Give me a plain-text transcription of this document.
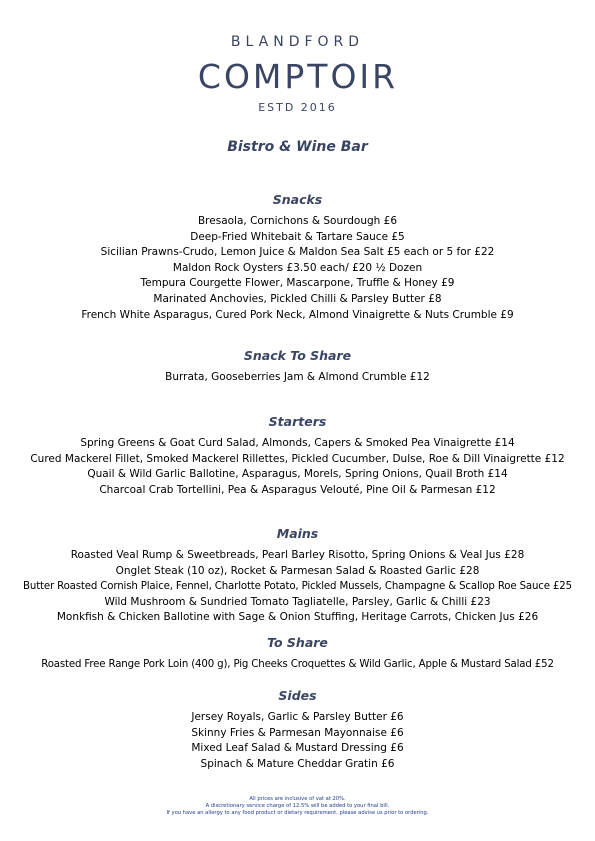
BLANDFORD
COMPTOIR
ESTD 2016
Bistro & Wine Bar
Snacks
Bresaola, Cornichons & Sourdough £6
Deep-Fried Whitebait & Tartare Sauce £5
Sicilian Prawns-Crudo, Lemon Juice & Maldon Sea Salt £5 each or 5 for £22
Maldon Rock Oysters £3.50 each/ £20 ½ Dozen
Tempura Courgette Flower, Mascarpone, Truffle & Honey £9
Marinated Anchovies, Pickled Chilli & Parsley Butter £8
French White Asparagus, Cured Pork Neck, Almond Vinaigrette & Nuts Crumble £9
Snack To Share
Burrata, Gooseberries Jam & Almond Crumble £12
Starters
Spring Greens & Goat Curd Salad, Almonds, Capers & Smoked Pea Vinaigrette £14
Cured Mackerel Fillet, Smoked Mackerel Rillettes, Pickled Cucumber, Dulse, Roe & Dill Vinaigrette £12
Quail & Wild Garlic Ballotine, Asparagus, Morels, Spring Onions, Quail Broth £14
Charcoal Crab Tortellini, Pea & Asparagus Velouté, Pine Oil & Parmesan £12
Mains
Roasted Veal Rump & Sweetbreads, Pearl Barley Risotto, Spring Onions & Veal Jus £28
Onglet Steak (10 oz), Rocket & Parmesan Salad & Roasted Garlic £28
Butter Roasted Cornish Plaice, Fennel, Charlotte Potato, Pickled Mussels, Champagne & Scallop Roe Sauce £25
Wild Mushroom & Sundried Tomato Tagliatelle, Parsley, Garlic & Chilli £23
Monkfish & Chicken Ballotine with Sage & Onion Stuffing, Heritage Carrots, Chicken Jus £26
To Share
Roasted Free Range Pork Loin (400 g), Pig Cheeks Croquettes & Wild Garlic, Apple & Mustard Salad £52
Sides
Jersey Royals, Garlic & Parsley Butter £6
Skinny Fries & Parmesan Mayonnaise £6
Mixed Leaf Salad & Mustard Dressing £6
Spinach & Mature Cheddar Gratin £6
All prices are inclusive of vat at 20%.
A discretionary service charge of 12.5% will be added to your final bill.
If you have an allergy to any food product or dietary requirement, please advise us prior to ordering.
